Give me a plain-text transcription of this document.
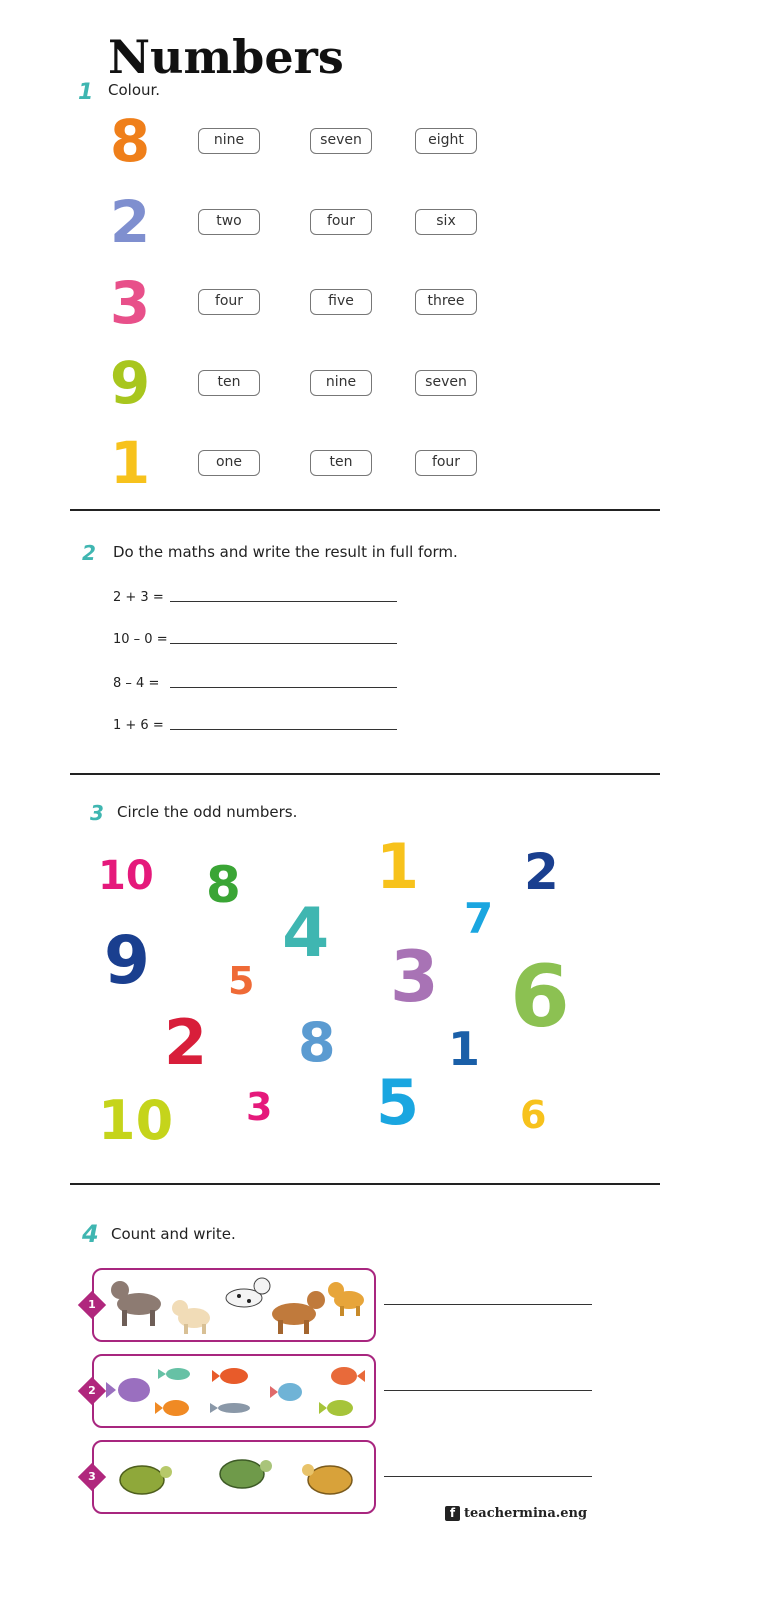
Numbers
1 Colour.
8	nine	seven	eight
2	two	four	six
3	four	five	three
9	ten	nine	seven
1	one	ten	four
2 Do the maths and write the result in full form.
2 + 3 =
10 – 0 =
8 – 4 =
1 + 6 =
3 Circle the odd numbers.
10 8 1 2
9 4	7
5 3 6
2 8 1
10 3 5	6
4 Count and write.
1
2
3
f teachermina.eng
